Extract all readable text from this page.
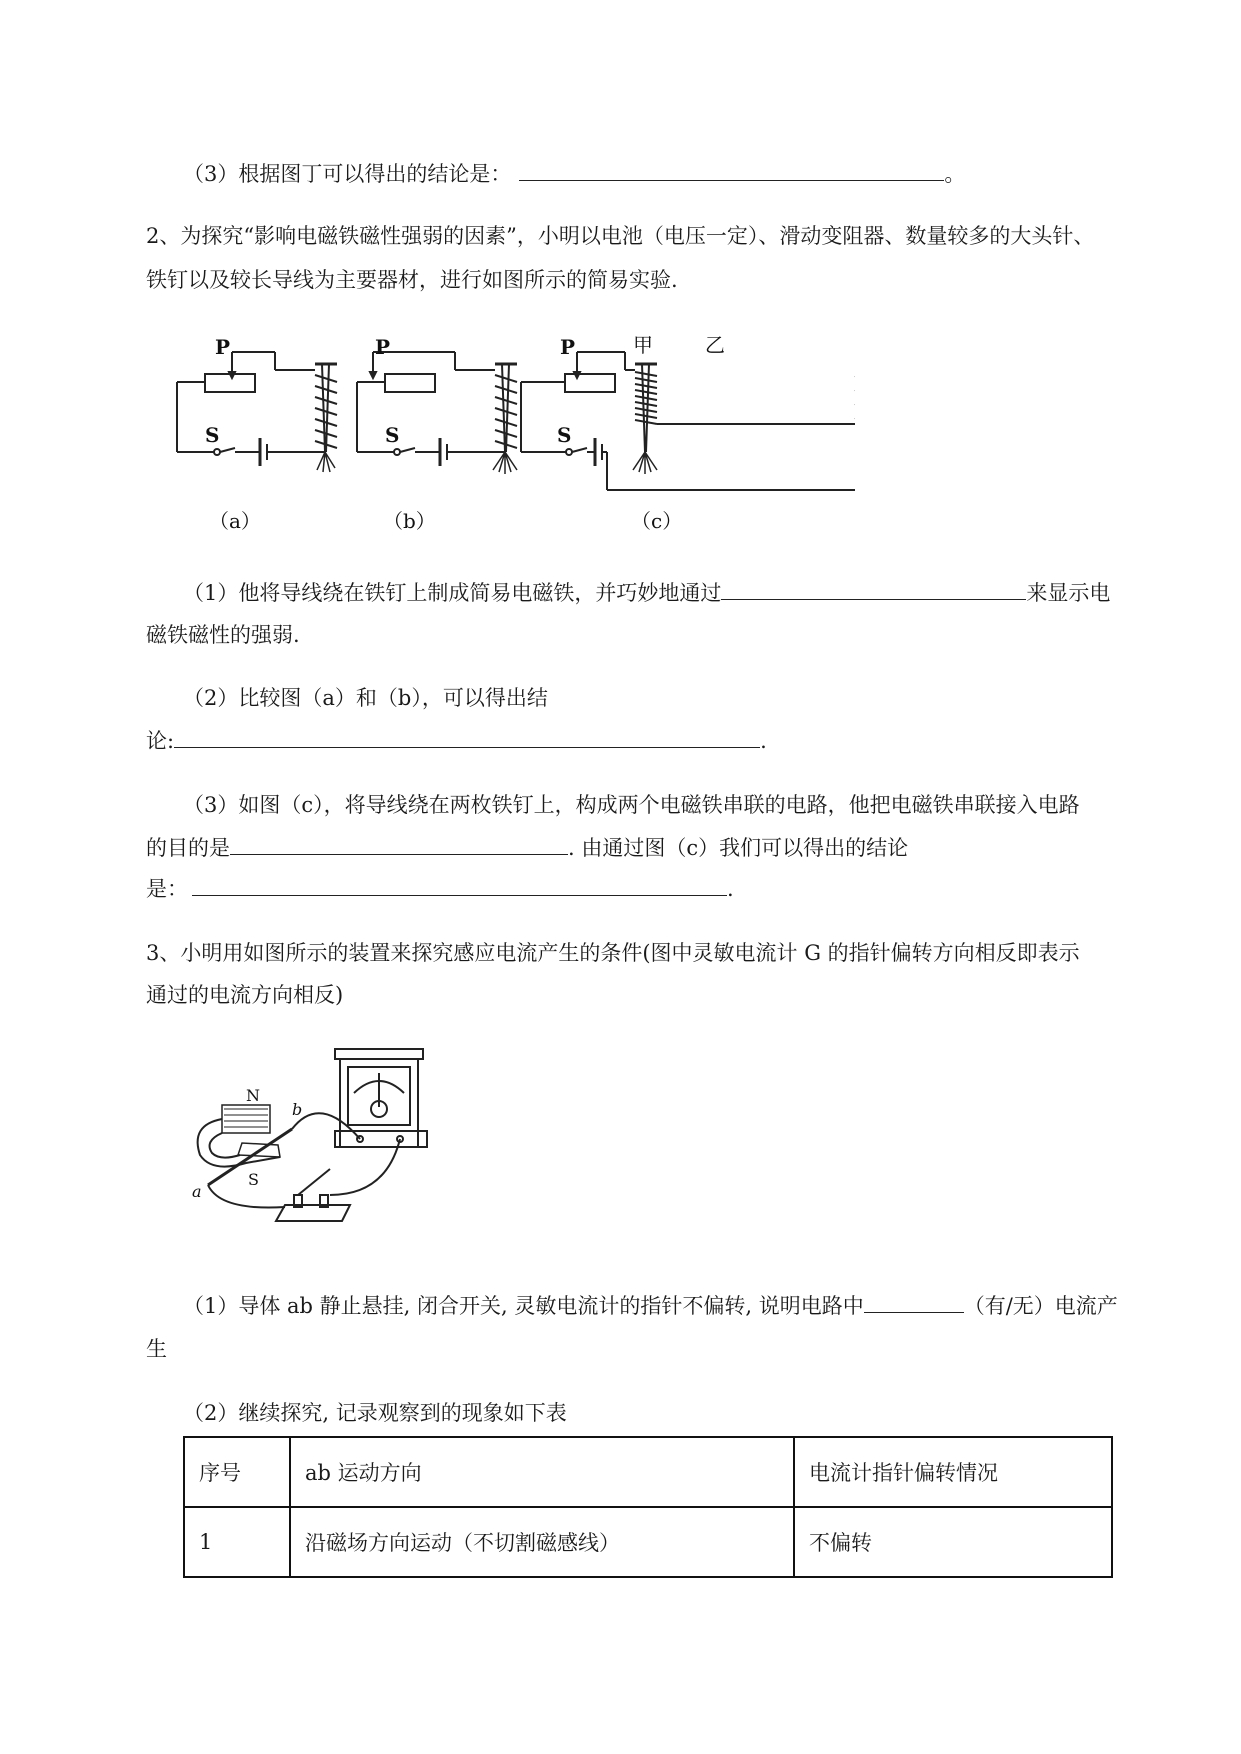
（3）根据图丁可以得出的结论是：	。
2、为探究“影响电磁铁磁性强弱的因素”，小明以电池（电压一定）、滑动变阻器、数量较多的大头针、
铁钉以及较长导线为主要器材，进行如图所示的简易实验.
P
S
P
S
P
S
甲	乙
（a）	（b）	（c）
（1）他将导线绕在铁钉上制成简易电磁铁，并巧妙地通过	来显示电
磁铁磁性的强弱.
（2）比较图（a）和（b），可以得出结
论:	.
（3）如图（c），将导线绕在两枚铁钉上，构成两个电磁铁串联的电路，他把电磁铁串联接入电路
的目的是	. 由通过图（c）我们可以得出的结论
是：	.
3、小明用如图所示的装置来探究感应电流产生的条件(图中灵敏电流计 G 的指针偏转方向相反即表示
通过的电流方向相反)
N
S
a
b
（1）导体 ab 静止悬挂, 闭合开关, 灵敏电流计的指针不偏转, 说明电路中	（有/无）电流产
生
（2）继续探究, 记录观察到的现象如下表
序号	ab 运动方向	电流计指针偏转情况
1	沿磁场方向运动（不切割磁感线）	不偏转
